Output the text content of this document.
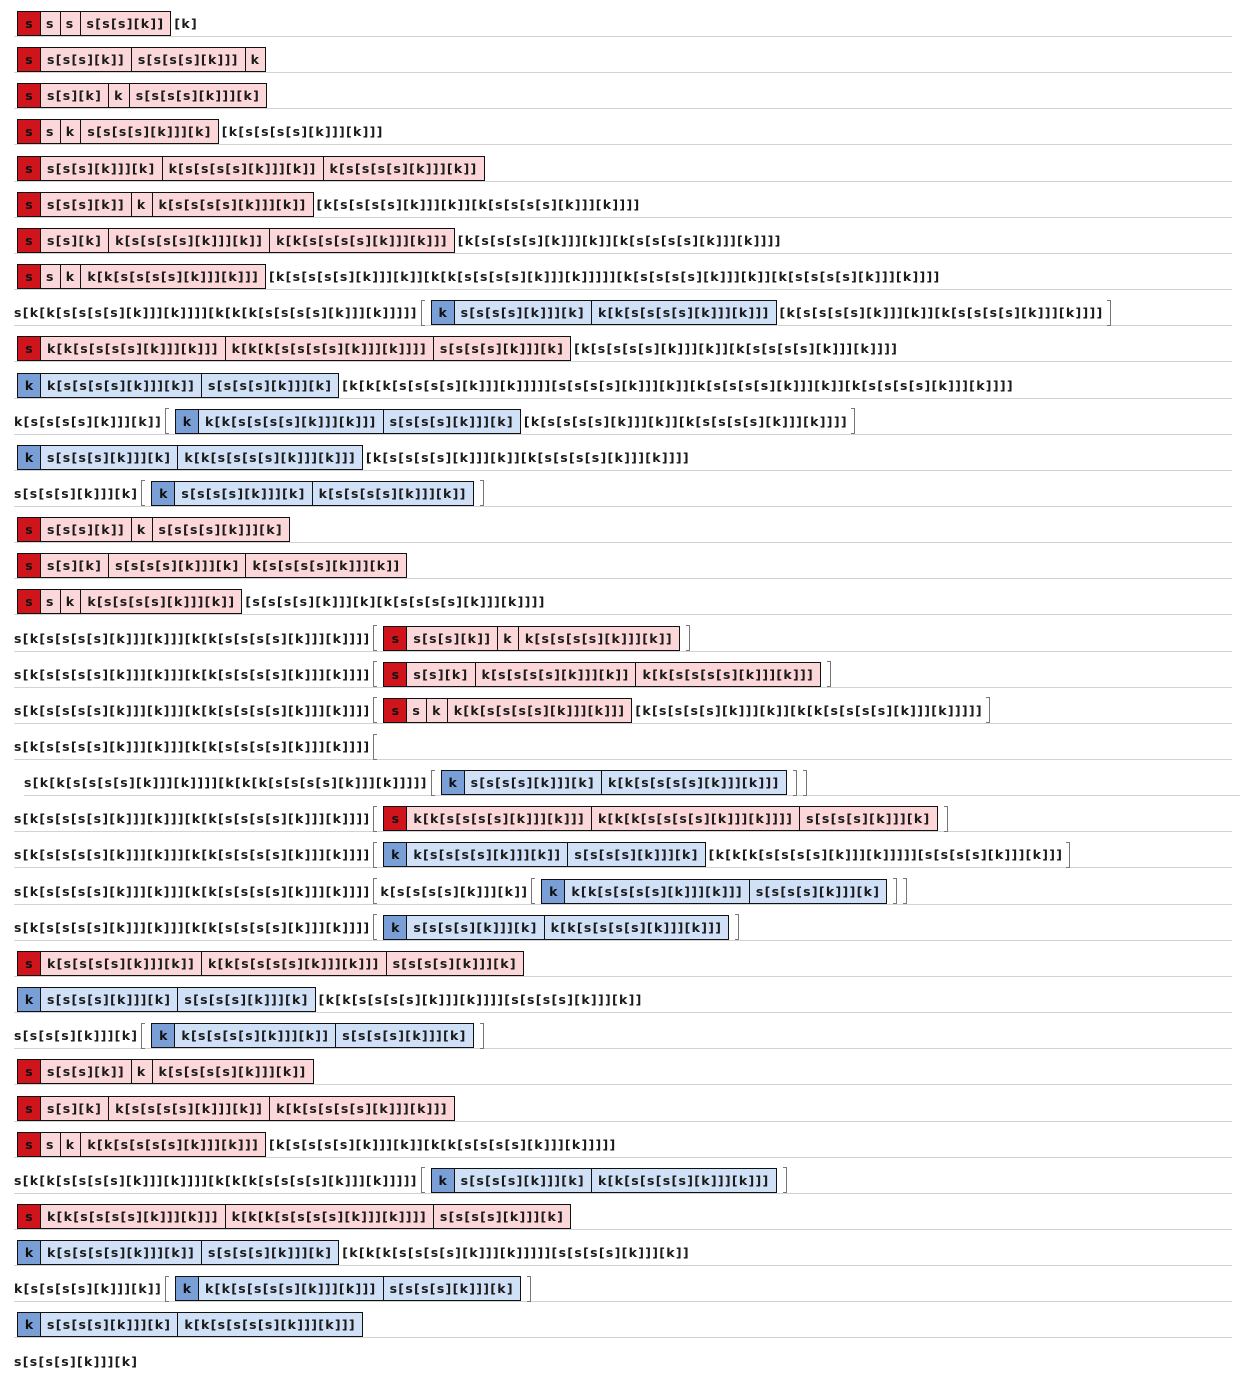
s	s s s[s[s][k]] [k]
s	s[s[s][k]]	s[s[s[s][k]]] k
s	s[s][k] k s[s[s[s][k]]][k]
s	s k s[s[s[s][k]]][k] [k[s[s[s[s][k]]][k]]]
s	s[s[s][k]]][k]	k[s[s[s[s][k]]][k]]	k[s[s[s[s][k]]][k]]
s	s[s[s][k]] k k[s[s[s[s][k]]][k]] [k[s[s[s[s][k]]][k]][k[s[s[s[s][k]]][k]]]]
s	s[s][k]	k[s[s[s[s][k]]][k]]	k[k[s[s[s[s][k]]][k]]] [k[s[s[s[s][k]]][k]][k[s[s[s[s][k]]][k]]]]
s	s k k[k[s[s[s[s][k]]][k]]] [k[s[s[s[s][k]]][k]][k[k[s[s[s[s][k]]][k]]]]][k[s[s[s[s][k]]][k]][k[s[s[s[s][k]]][k]]]]
s[k[k[s[s[s[s][k]]][k]]]][k[k[k[s[s[s[s][k]]][k]]]]]	k	s[s[s[s][k]]][k]	k[k[s[s[s[s][k]]][k]]] [k[s[s[s[s][k]]][k]][k[s[s[s[s][k]]][k]]]]
s	k[k[s[s[s[s][k]]][k]]]	k[k[k[s[s[s[s][k]]][k]]]]	s[s[s[s][k]]][k] [k[s[s[s[s][k]]][k]][k[s[s[s[s][k]]][k]]]]
k	k[s[s[s[s][k]]][k]]	s[s[s[s][k]]][k] [k[k[k[s[s[s[s][k]]][k]]]]][s[s[s[s][k]]][k]][k[s[s[s[s][k]]][k]][k[s[s[s[s][k]]][k]]]]
k[s[s[s[s][k]]][k]]	k	k[k[s[s[s[s][k]]][k]]]	s[s[s[s][k]]][k] [k[s[s[s[s][k]]][k]][k[s[s[s[s][k]]][k]]]]
k	s[s[s[s][k]]][k]	k[k[s[s[s[s][k]]][k]]] [k[s[s[s[s][k]]][k]][k[s[s[s[s][k]]][k]]]]
s[s[s[s][k]]][k]	k	s[s[s[s][k]]][k]	k[s[s[s[s][k]]][k]]
s	s[s[s][k]] k s[s[s[s][k]]][k]
s	s[s][k]	s[s[s[s][k]]][k]	k[s[s[s[s][k]]][k]]
s	s k k[s[s[s[s][k]]][k]] [s[s[s[s][k]]][k][k[s[s[s[s][k]]][k]]]]
s[k[s[s[s[s][k]]][k]]][k[k[s[s[s[s][k]]][k]]]]	s	s[s[s][k]] k k[s[s[s[s][k]]][k]]
s[k[s[s[s[s][k]]][k]]][k[k[s[s[s[s][k]]][k]]]]	s	s[s][k]	k[s[s[s[s][k]]][k]]	k[k[s[s[s[s][k]]][k]]]
s[k[s[s[s[s][k]]][k]]][k[k[s[s[s[s][k]]][k]]]]	s	s k k[k[s[s[s[s][k]]][k]]] [k[s[s[s[s][k]]][k]][k[k[s[s[s[s][k]]][k]]]]]
s[k[s[s[s[s][k]]][k]]][k[k[s[s[s[s][k]]][k]]]]
s[k[k[s[s[s[s][k]]][k]]]][k[k[k[s[s[s[s][k]]][k]]]]]	k	s[s[s[s][k]]][k]	k[k[s[s[s[s][k]]][k]]]
s[k[s[s[s[s][k]]][k]]][k[k[s[s[s[s][k]]][k]]]]	s	k[k[s[s[s[s][k]]][k]]]	k[k[k[s[s[s[s][k]]][k]]]]	s[s[s[s][k]]][k]
s[k[s[s[s[s][k]]][k]]][k[k[s[s[s[s][k]]][k]]]]	k	k[s[s[s[s][k]]][k]]	s[s[s[s][k]]][k] [k[k[k[s[s[s[s][k]]][k]]]]][s[s[s[s][k]]][k]]]
s[k[s[s[s[s][k]]][k]]][k[k[s[s[s[s][k]]][k]]]] k[s[s[s[s][k]]][k]]	k	k[k[s[s[s[s][k]]][k]]]	s[s[s[s][k]]][k]
s[k[s[s[s[s][k]]][k]]][k[k[s[s[s[s][k]]][k]]]]	k	s[s[s[s][k]]][k]	k[k[s[s[s[s][k]]][k]]]
s	k[s[s[s[s][k]]][k]]	k[k[s[s[s[s][k]]][k]]]	s[s[s[s][k]]][k]
k	s[s[s[s][k]]][k]	s[s[s[s][k]]][k] [k[k[s[s[s[s][k]]][k]]]][s[s[s[s][k]]][k]]
s[s[s[s][k]]][k]	k	k[s[s[s[s][k]]][k]]	s[s[s[s][k]]][k]
s	s[s[s][k]] k k[s[s[s[s][k]]][k]]
s	s[s][k]	k[s[s[s[s][k]]][k]]	k[k[s[s[s[s][k]]][k]]]
s	s k k[k[s[s[s[s][k]]][k]]] [k[s[s[s[s][k]]][k]][k[k[s[s[s[s][k]]][k]]]]]
s[k[k[s[s[s[s][k]]][k]]]][k[k[k[s[s[s[s][k]]][k]]]]]	k	s[s[s[s][k]]][k]	k[k[s[s[s[s][k]]][k]]]
s	k[k[s[s[s[s][k]]][k]]]	k[k[k[s[s[s[s][k]]][k]]]]	s[s[s[s][k]]][k]
k	k[s[s[s[s][k]]][k]]	s[s[s[s][k]]][k] [k[k[k[s[s[s[s][k]]][k]]]]][s[s[s[s][k]]][k]]
k[s[s[s[s][k]]][k]]	k	k[k[s[s[s[s][k]]][k]]]	s[s[s[s][k]]][k]
k	s[s[s[s][k]]][k]	k[k[s[s[s[s][k]]][k]]]
s[s[s[s][k]]][k]
